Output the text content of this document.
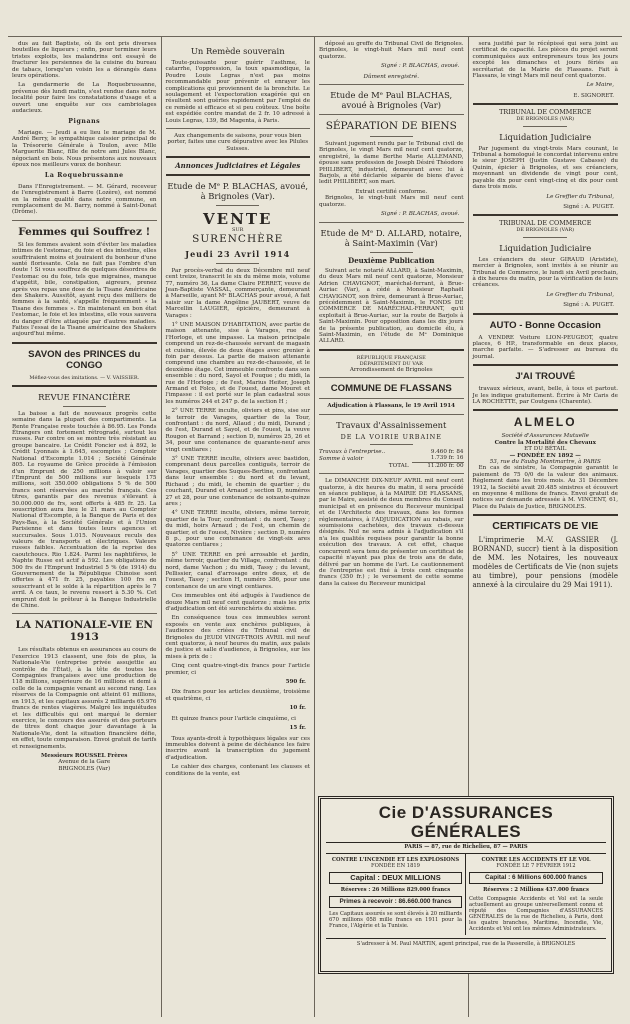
dus au fait Baptiste, où ils ont pris diverses bouteilles de liqueurs ; enfin, pour terminer leurs tristes exploits, les malandrins ont essayé de fracturer les persiennes de la cuisine du bureau de tabacs, lorsqu'un voisin les a dérangés dans leurs opérations.

La gendarmerie de La Roquebrussanne, prévenue dès lundi matin, s'est rendue dans notre localité pour faire les constatations d'usage et a ouvert une enquête sur ces cambriolages audacieux.

Pignans

Mariage. — Jeudi a eu lieu le mariage de M. André Berry, le sympathique caissier principal de la Trésorerie Générale à Toulon, avec Mlle Marguerite Blanc, fille de notre ami Jules Blanc, négociant en bois. Nous présentons aux nouveaux époux nos meilleurs vœux de bonheur.

La Roquebrussanne

Dans l'Enregistrement. — M. Gérard, receveur de l'enregistrement à Barre (Lozère), est nommé en la même qualité dans notre commune, en remplacement de M. Barry, nommé à Saint-Donat (Drôme).

Femmes qui Souffrez !

Si les femmes avaient soin d'éviter les maladies intimes de l'estomac, du foie et des intestins, elles souffriraient moins et jouiraient du bonheur d'une santé florissante. Cela ne fait pas l'ombre d'un doute ! Si vous souffrez de quelques désordres de l'estomac ou du foie, tels que migraines, manque d'appétit, bile, constipation, aigreurs, prenez après vos repas une dose de la Tisane Américaine des Shakers. Aussitôt, ayant reçu des milliers de femmes à la santé, s'appelle fréquemment « la Tisane des femmes ». En maintenant en bon état l'estomac, le foie et les intestins, elle vous sauvera du danger d'être attaquée par d'autres maladies. Faites l'essai de la Tisane américaine des Shakers aujourd'hui même.

SAVON des PRINCES du CONGO
Méfiez-vous des imitations. — V. VAISSIER.
REVUE FINANCIÈRE

La baisse a fait de nouveaux progrès cette semaine dans la plupart des compartiments. La Rente Française reste touchée à 86.95. Les Fonds Étrangers ont fortement rétrogradé, surtout les russes. Par contre on se montre très résistant au groupe bancaire. Le Crédit Foncier est à 892, le Crédit Lyonnais à 1.645, escomptes ; Comptoir National d'Escompte 1.014 ; Société Générale 805. Le royaume de Grèce procède à l'émission d'un Emprunt de 250 millions à valoir sur l'Emprunt de 500 millions sur lesquels 175 millions, soit 350.000 obligations 5 % de 500 francs sont réservées au marché français. Ces titres, garantis par des revenus s'élevant à 50.000.000 de frs, sont offerts à 485 fr. 25. La souscription aura lieu le 21 mars au Comptoir National d'Escompte, à la Banque de Paris et des Pays-Bas, à la Société Générale et à l'Union Parisienne et dans toutes leurs agences et succursales. Sous 1.015. Nouveaux reculs des valeurs de transports et électriques. Valeurs russes faibles. Accentuation de la reprise des caoutchoucs. Rio 1.824. Parmi les naphtifères, le Naphte Russe est actif à 592. Les obligations de 500 frs de l'Emprunt Industriel 5 % (de 1914) du Gouvernement de la République Chinoise sont offertes à 471 fr. 25, payables 100 frs en souscrivant et le solde à la répartition après le 7 avril. A ce taux, le revenu ressort à 5.30 %. Cet emprunt doit le prêteur à la Banque Industrielle de Chine.

LA NATIONALE-VIE EN 1913

Les résultats obtenus en assurances au cours de l'exercice 1913 classent, une fois de plus, la Nationale-Vie (entreprise privée assujettie au contrôle de l'État), à la tête de toutes les Compagnies françaises avec une production de 118 millions, supérieure de 16 millions et demi à celle de la compagnie venant au second rang. Les réserves de la Compagnie ont atteint 61 millions, en 1913, et les capitaux assurés 2 milliards 65.976 francs de rentes viagères. Malgré les inquiétudes et les difficultés qui ont marqué le dernier exercice, le concours des assurés et des porteurs de titres dont chaque jour davantage à la Nationale-Vie, dont la situation financière défie, en effet, toute comparaison. Envoi gratuit de tarifs et renseignements.

Messieurs ROUSSEL Frères
Avenue de la Gare
BRIGNOLES (Var)
Un Remède souverain

Toute-puissante pour guérir l'asthme, le catarrhe, l'oppression, la toux spasmodique, la Poudre Louis Legras n'est pas moins recommandable pour prévenir et enrayer les complications qui proviennent de la bronchite. Le soulagement et l'expectoration exagérée qui en résultent sont guéries rapidement par l'emploi de ce remède si efficace et si peu coûteux. Une boîte est expédiée contre mandat de 2 fr. 10 adressé à Louis Legras, 139, Bd Magenta, à Paris.

Aux changements de saisons, pour vous bien porter, faites une cure dépurative avec les Pilules Suisses.

Annonces Judiciaires et Légales
Etude de Mᵉ P. BLACHAS, avoué, à Brignoles (Var).
VENTE
SUR
SURENCHÈRE
Jeudi 23 Avril 1914

Par procès-verbal du deux Décembre mil neuf cent treize, transcrit le six du même mois, volume 77, numéro 36, La dame Claire PERRET, veuve de Jean-Baptiste VASSAL, commerçante, demeurant à Marseille, ayant Mᵉ BLACHAS pour avoué, A fait saisir sur la dame Angéline JAUBERT, veuve de Marcellin LAUGIER, épicière, demeurant à Varages :

1° UNE MAISON D'HABITATION, avec partie de maison attenante, sise à Varages, rue de l'Horloge, et une impasse. La maison principale comprend un rez-de-chaussée servant de magasin et cuisine, élevée de deux étages avec grenier à foin par dessus. La partie de maison attenante comprend une chambre au rez-de-chaussée, et le deuxième étage. Cet immeuble confronte dans son ensemble : du nord, Sayol et Fouque ; du midi, la rue de l'Horloge ; de l'est, Marius Heiter, Joseph Armand et Folco, et de l'ouest, dame Mouret et l'impasse : il est porté sur le plan cadastral sous les numéros 244 et 247 p. de la section H ;

2° UNE TERRE inculte, oliviers et pins, sise sur le terroir de Varages, quartier de la Tour, confrontant : du nord, Allaud ; du midi, Durand ; de l'est, Durand et Sayol, et de l'ouest, la veuve Rougon et Barrand ; section D, numéros 25, 26 et 34, pour une contenance de quarante-neuf ares vingt centiares ;

3° UNE TERRE inculte, oliviers avec bastidon, comprenant deux parcelles contiguës, terroir de Varages, quartier des Suques-Bertine, confrontant dans leur ensemble : du nord et du levant, Richaud ; du midi, le chemin de quartier ; du couchant, Durand et Arnaud ; section D, numéros 27 et 28, pour une contenance de soixante-quinze ares ;

4° UNE TERRE inculte, oliviers, même terroir, quartier de la Tour, confrontant : du nord, Tassy ; du midi, hoirs Arnaud ; de l'est, un chemin de quartier, et de l'ouest, Nivière ; section D, numéro 8 p., pour une contenance de vingt-six ares quatorze centiares ;

5° UNE TERRE en pré arrosable et jardin, même terroir, quartier du Village, confrontant : du nord, dame Vachon ; du midi, Tassy ; du levant, Pellissier, canal d'arrosage entre deux, et de l'ouest, Tassy ; section H, numéro 386, pour une contenance de un are vingt centiares.

Ces immeubles ont été adjugés à l'audience de douze Mars mil neuf cent quatorze ; mais les prix d'adjudication ont été surenchéris du sixième.

En conséquence tous ces immeubles seront exposés en vente aux enchères publiques, à l'audience des criées du Tribunal civil de Brignoles du JEUDI VINGT-TROIS AVRIL mil neuf cent quatorze, à neuf heures du matin, aux palais de justice et salle d'audience, à Brignoles, sur les mises à prix de :

Cinq cent quatre-vingt-dix francs pour l'article premier, ci

590 fr.

Dix francs pour les articles deuxième, troisième et quatrième, ci

10 fr.

Et quinze francs pour l'article cinquième, ci

15 fr.

Tous ayants-droit à hypothèques légales sur ces immeubles doivent à peine de déchéance les faire inscrire avant la transcription du jugement d'adjudication.

Le cahier des charges, contenant les clauses et conditions de la vente, est

déposé au greffe du Tribunal Civil de Brignoles. Brignoles, le vingt-huit Mars mil neuf cent quatorze.

Signé : P. BLACHAS, avoué.
Dûment enregistré.
Etude de Mᵉ Paul BLACHAS, avoué à Brignoles (Var)
SÉPARATION DE BIENS

Suivant jugement rendu par le Tribunal civil de Brignoles, le vingt Mars mil neuf cent quatorze, enregistré, la dame Berthe Marie ALLEMAND, épouse sans profession de Joseph Désiré Théodore PHILIBERT, industriel, demeurant avec lui à Barjols, a été déclarée séparée de biens d'avec ledit PHILIBERT, son mari.

Extrait certifié conforme.

Brignoles, le vingt-huit Mars mil neuf cent quatorze.

Signé : P. BLACHAS, avoué.
Etude de Mᵉ D. ALLARD, notaire, à Saint-Maximin (Var)
Deuxième Publication

Suivant acte notarié ALLARD, à Saint-Maximin, du deux Mars mil neuf cent quatorze, Monsieur Adrien CHAVIGNOT, maréchal-ferrant, à Brue-Auriac (Var), a cédé à Monsieur Raphaël CHAVIGNOT, son frère, demeurant à Brue-Auriac, précédemment à Saint-Maximin, le FONDS DE COMMERCE DE MARÉCHAL-FERRANT, qu'il exploitait à Brue-Auriac, sur la route de Barjols à Saint-Maximin. Pour opposition dans les dix jours de la présente publication, au domicile élu, à Saint-Maximin, en l'étude de Mᵉ Dominique ALLARD.

RÉPUBLIQUE FRANÇAISE
DÉPARTEMENT DU VAR
Arrondissement de Brignoles
COMMUNE DE FLASSANS
Adjudication à Flassans, le 19 Avril 1914
Travaux d'Assainissement
DE LA VOIRIE URBAINE
Travaux à l'entreprise..	9.460 fr. 84
Somme à valoir	1.739 fr. 16
TOTAL	11.200 fr. 00

Le DIMANCHE DIX-NEUF AVRIL mil neuf cent quatorze, à dix heures du matin, il sera procédé en séance publique, à la MAIRIE DE FLASSANS, par le Maire, assisté de deux membres du Conseil municipal et en présence du Receveur municipal et de l'Architecte des travaux, dans les formes réglementaires, à l'ADJUDICATION au rabais, sur soumissions cachetées, des travaux ci-dessus désignés. Nul ne sera admis à l'adjudication s'il n'a les qualités requises pour garantir la bonne exécution des travaux. A cet effet, chaque concurrent sera tenu de présenter un certificat de capacité n'ayant pas plus de trois ans de date, délivré par un homme de l'art. Le cautionnement de l'entreprise est fixé à trois cent cinquante francs (350 fr.) ; le versement de cette somme dans la caisse du Receveur municipal

sera justifié par le récépissé qui sera joint au certificat de capacité. Les pièces du projet seront communiquées aux entrepreneurs tous les jours excepté les dimanches et jours fériés au secrétariat de la Mairie de Flassans. Fait à Flassans, le vingt Mars mil neuf cent quatorze.

Le Maire,
E. SIGNORET.
TRIBUNAL DE COMMERCE
DE BRIGNOLES (VAR)
Liquidation Judiciaire

Par jugement du vingt-trois Mars courant, le Tribunal a homologué le concordat intervenu entre le sieur JOSEPH (Justin Gustave Cabasse) du Quinin, épicier à Brignoles, et ses créanciers, moyennant un dividende de vingt pour cent, payable dix pour cent vingt-cinq et dix pour cent dans trois mois.

Le Greffier du Tribunal,
Signé : A. PUGET.
TRIBUNAL DE COMMERCE
DE BRIGNOLES (VAR)
Liquidation Judiciaire

Les créanciers du sieur GIRAUD (Aristide), mercier à Brignoles, sont invités à se réunir au Tribunal de Commerce, le lundi six Avril prochain, à dix heures du matin, pour la vérification de leurs créances.

Le Greffier du Tribunal,
Signé : A. PUGET.
AUTO - Bonne Occasion

A VENDRE Voiture LION-PEUGEOT, quatre places, 6 HP., transformable en deux places, marche parfaite. — S'adresser au bureau du journal.

J'AI TROUVÉ

travaux sérieux, avant, belle, à tous et partout. Je les indique gratuitement. Écrire à Mr Caris de LA ROCHETTE, par Coutgens (Charente).

ALMELO
Société d'Assurances Mutuelle
Contre la Mortalité des Chevaux
ET DU BÉTAIL
— FONDÉE EN 1892 —
53, rue du Faubg Montmartre, à PARIS

En cas de sinistre, la Compagnie garantit le paiement de 75 0/0 de la valeur des animaux. Règlement dans les trois mois. Au 31 Décembre 1912, la Société avait 20.485 sinistres et écouvert en moyenne 4 millions de francs. Envoi gratuit de notices sur demande adressée à M. VINCENT, 61, Place du Palais de Justice, BRIGNOLES.

CERTIFICATS DE VIE

L'imprimerie M.-V. GASSIER (J. BORNAND, succr) tient à la disposition de MM. les Notaires, les nouveaux modèles de Certificats de Vie (non sujets au timbre), pour pensions (modèle annexé à la circulaire du 29 Mai 1911).

Cie D'ASSURANCES GÉNÉRALES
PARIS — 87, rue de Richelieu, 87 — PARIS
CONTRE L'INCENDIE ET LES EXPLOSIONS
FONDÉE EN 1819
Capital : DEUX MILLIONS
Réserves : 26 Millions 829.000 francs
Primes à recevoir : 86.660.000 francs
Les Capitaux assurés se sont élevés à 20 milliards 670 millions 058 mille francs en 1911 pour la France, l'Algérie et la Tunisie.
CONTRE LES ACCIDENTS ET LE VOL
FONDÉE LE 7 FÉVRIER 1912
Capital : 6 Millions 600.000 francs
Réserves : 2 Millions 437.000 francs
Cette Compagnie Accidents et Vol est la seule actuellement au groupe universellement connu et réputé des Compagnies d'ASSURANCES GÉNÉRALES de la rue de Richelieu, à Paris, dont les quatre branches, Maritime, Incendie, Vie, Accidents et Vol ont les mêmes Administrateurs.
S'adresser à M. Paul MARTIN, agent principal, rue de la Passerelle, à BRIGNOLES
